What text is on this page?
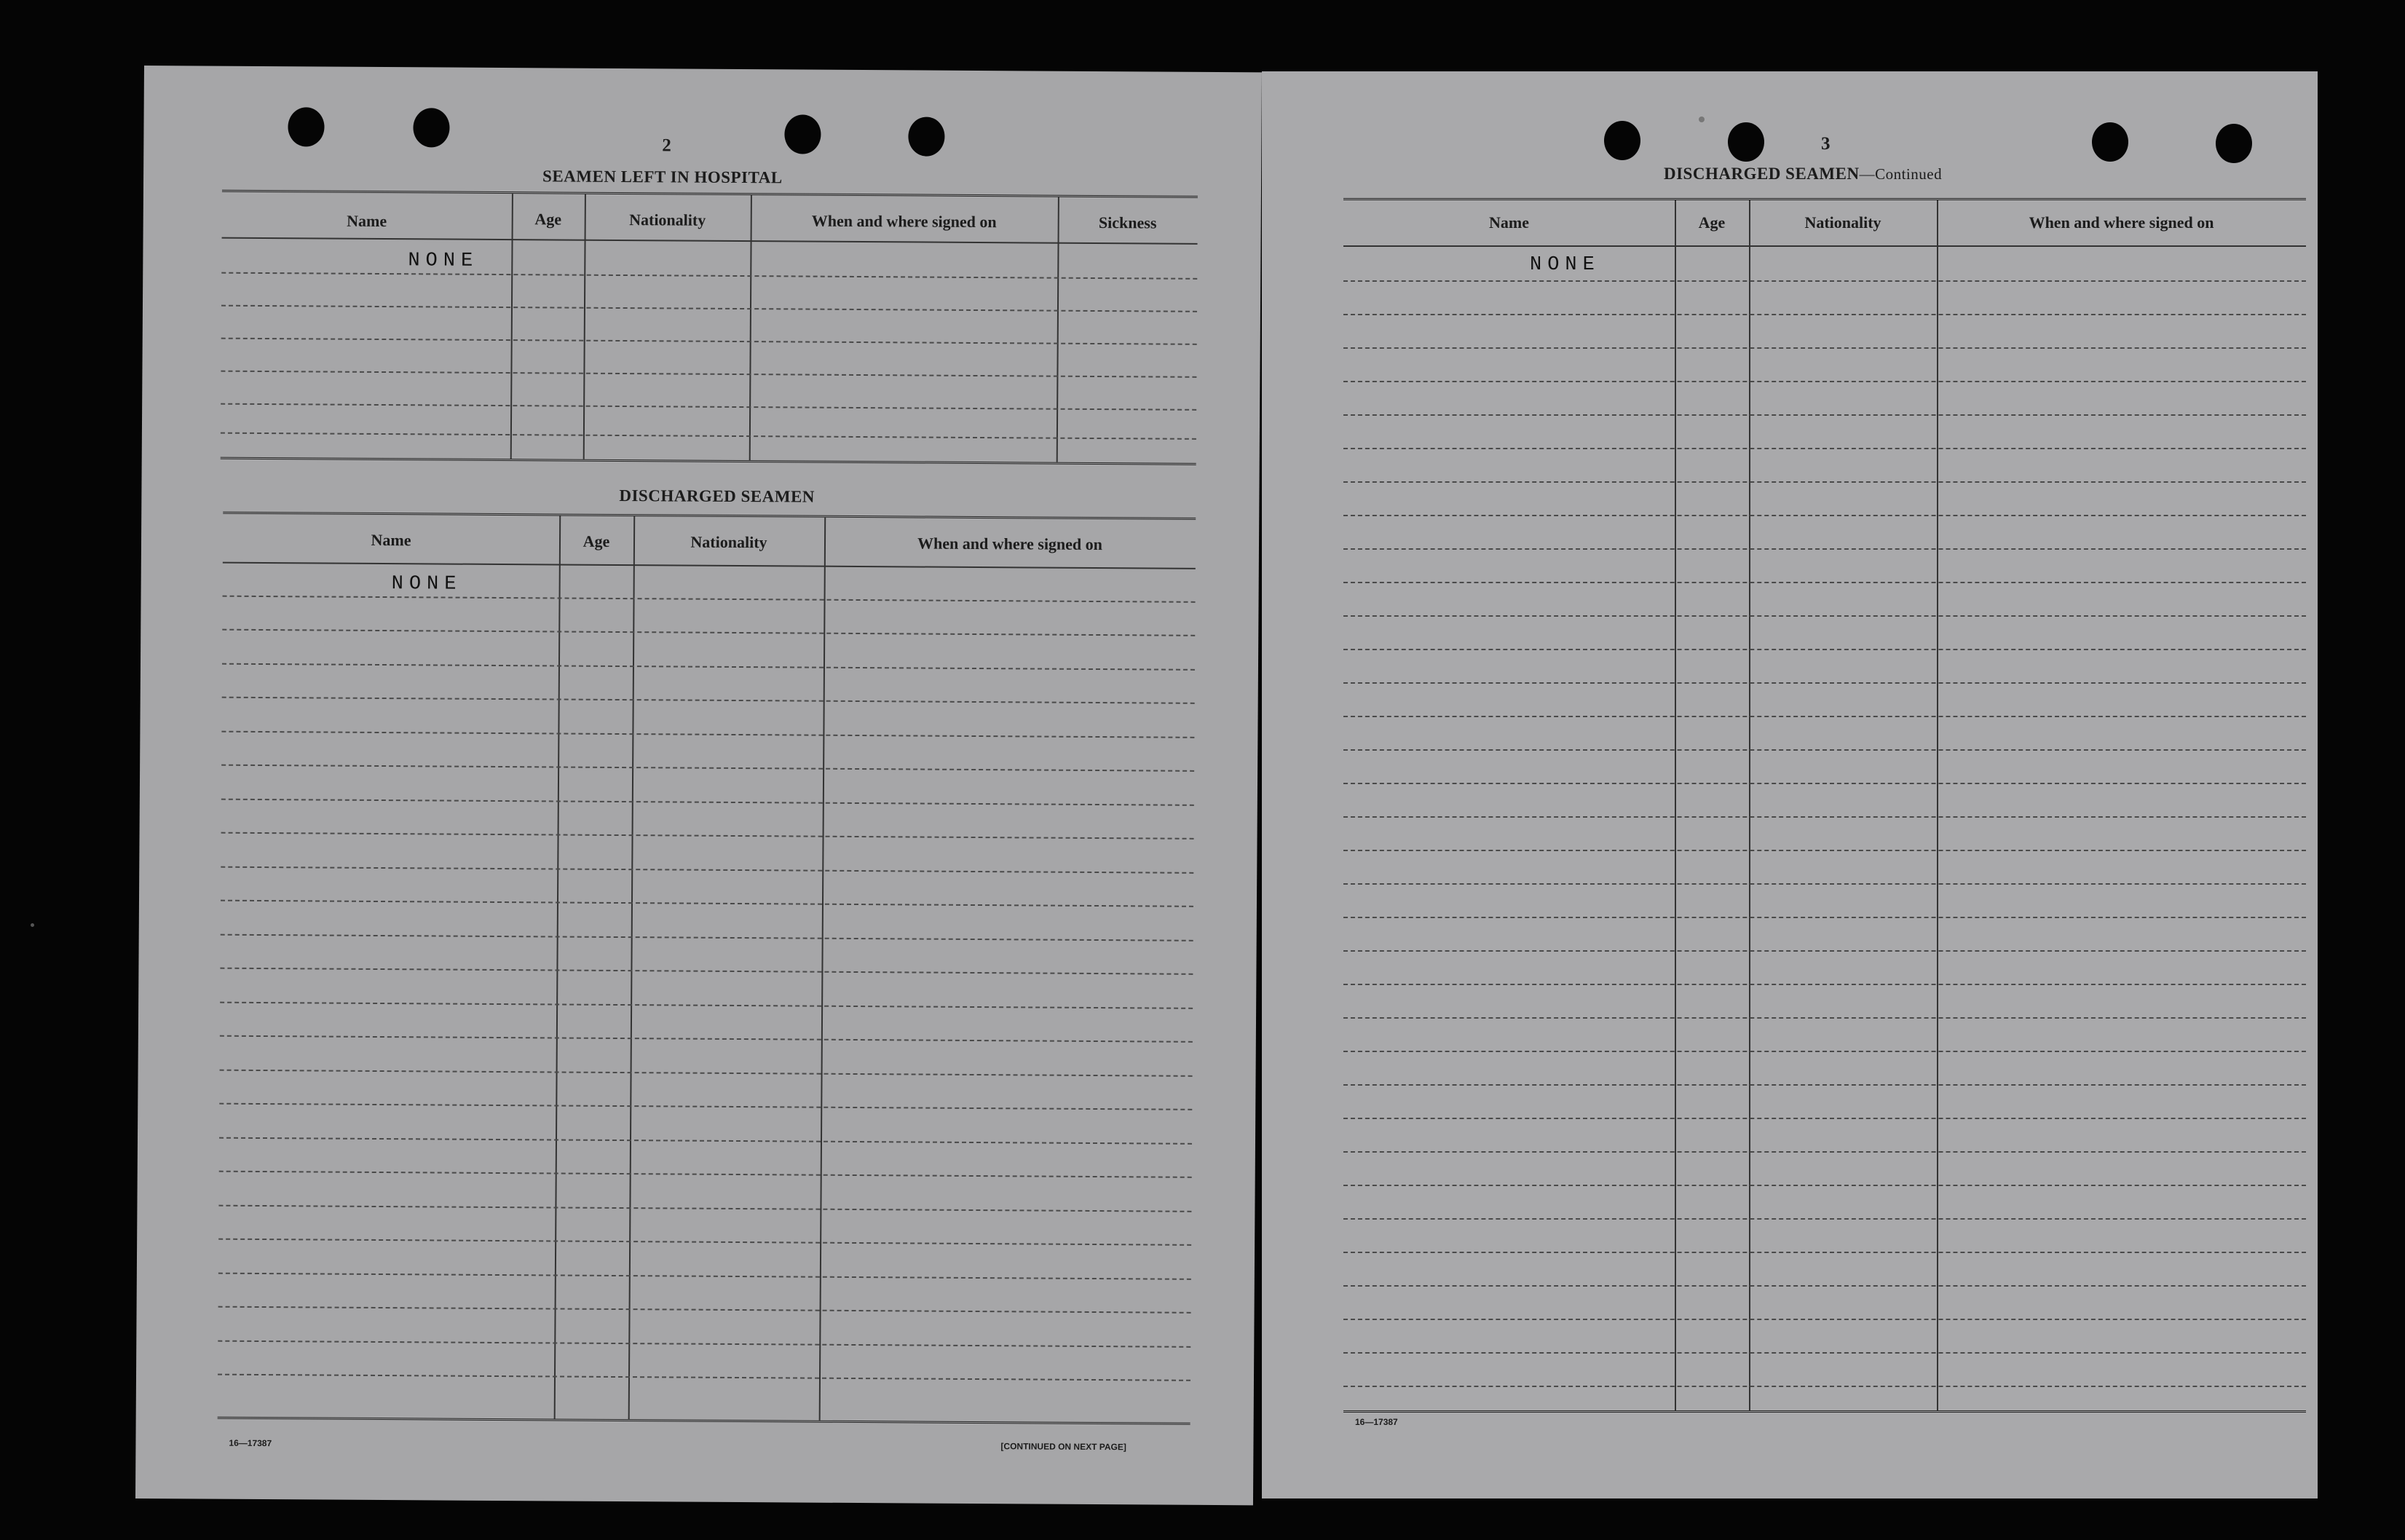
2
SEAMEN LEFT IN HOSPITAL
Name	Age	Nationality	When and where signed on	Sickness
NONE
DISCHARGED SEAMEN
Name	Age	Nationality	When and where signed on
NONE
16—17387	[CONTINUED ON NEXT PAGE]
3
DISCHARGED SEAMEN—Continued
Name	Age	Nationality	When and where signed on
NONE
16—17387
